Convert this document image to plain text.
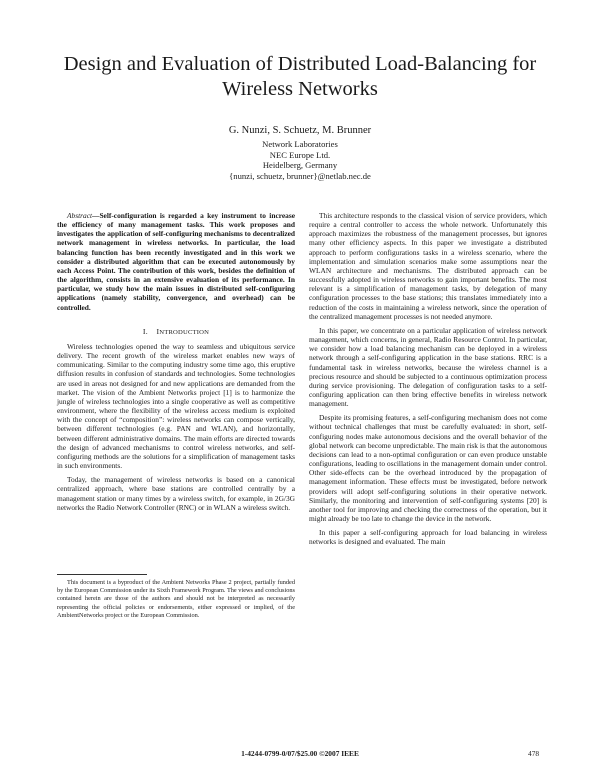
Design and Evaluation of Distributed Load-Balancing for Wireless Networks
G. Nunzi, S. Schuetz, M. Brunner
Network Laboratories
NEC Europe Ltd.
Heidelberg, Germany
{nunzi, schuetz, brunner}@netlab.nec.de

Abstract—Self-configuration is regarded a key instrument to increase the efficiency of many management tasks. This work proposes and investigates the application of self-configuring mechanisms to decentralized network management in wireless networks. In particular, the load balancing function has been recently investigated and in this work we consider a distributed algorithm that can be executed autonomously by each Access Point. The contribution of this work, besides the definition of the algorithm, consists in an extensive evaluation of its performance. In particular, we study how the main issues in distributed self-configuring applications (namely stability, convergence, and overhead) can be controlled.

I. INTRODUCTION

Wireless technologies opened the way to seamless and ubiquitous service delivery. The recent growth of the wireless market enables new ways of communicating. Similar to the computing industry some time ago, this eruptive diffusion results in confusion of standards and technologies. Some technologies are used in areas not designed for and new applications are demanded from the market. The vision of the Ambient Networks project [1] is to harmonize the jungle of wireless technologies into a single cooperative as well as competitive environment, where the flexibility of the wireless access medium is exploited with the concept of “composition”: wireless networks can compose vertically, between different technologies (e.g. PAN and WLAN), and horizontally, between different administrative domains. The main efforts are directed towards the design of advanced mechanisms to control wireless networks, and self-configuring methods are the solutions for a simplification of management tasks in such environments.

Today, the management of wireless networks is based on a canonical centralized approach, where base stations are controlled centrally by a management station or many times by a wireless switch, for example, in 2G/3G networks the Radio Network Controller (RNC) or in WLAN a wireless switch.

This document is a byproduct of the Ambient Networks Phase 2 project, partially funded by the European Commission under its Sixth Framework Program. The views and conclusions contained herein are those of the authors and should not be interpreted as necessarily representing the official policies or endorsements, either expressed or implied, of the AmbientNetworks project or the European Commission.

This architecture responds to the classical vision of service providers, which require a central controller to access the whole network. Unfortunately this approach maximizes the robustness of the management processes, but ignores many other efficiency aspects. In this paper we investigate a distributed approach to perform configurations tasks in a wireless scenario, where the implementation and simulation scenarios make some assumptions near the WLAN architecture and mechanisms. The distributed approach can be successfully adopted in wireless networks to gain important benefits. The most relevant is a simplification of management tasks, by delegation of many configuration processes to the base stations; this translates immediately into a reduction of the costs in maintaining a wireless network, since the operation of the centralized management processes is not needed anymore.

In this paper, we concentrate on a particular application of wireless network management, which concerns, in general, Radio Resource Control. In particular, we consider how a load balancing mechanism can be deployed in a wireless network through a self-configuring application in the base stations. RRC is a fundamental task in wireless networks, because the wireless channel is a precious resource and should be subjected to a continuous optimization process during service provisioning. The delegation of configuration tasks to a self-configuring application can then bring effective benefits in wireless network management.

Despite its promising features, a self-configuring mechanism does not come without technical challenges that must be carefully evaluated: in short, self-configuring nodes make autonomous decisions and the overall behavior of the global network can become unpredictable. The main risk is that the autonomous decisions can lead to a non-optimal configuration or can even produce unstable configurations, leading to oscillations in the management domain under control. Other side-effects can be the overhead introduced by the propagation of management information. These effects must be investigated, before network providers will adopt self-configuring solutions in their operative network. Similarly, the monitoring and intervention of self-configuring systems [20] is another tool for improving and checking the correctness of the operation, but it might already be too late to change the device in the network.

In this paper a self-configuring approach for load balancing in wireless networks is designed and evaluated. The main

1-4244-0799-0/07/$25.00 ©2007 IEEE	478
